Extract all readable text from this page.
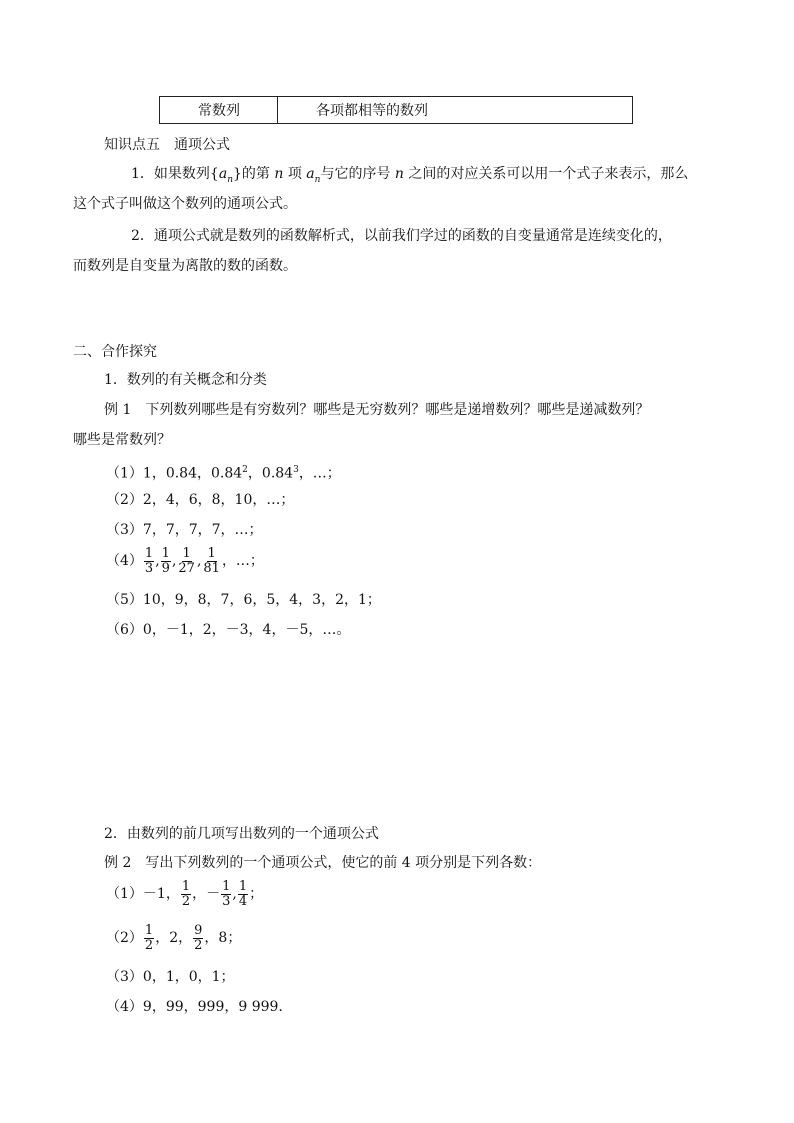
常数列	各项都相等的数列
知识点五　通项公式
1．如果数列$\{a_n\}$的第 n 项 $a_n$与它的序号 n 之间的对应关系可以用一个式子来表示，那么
这个式子叫做这个数列的通项公式。
2．通项公式就是数列的函数解析式，以前我们学过的函数的自变量通常是连续变化的，
而数列是自变量为离散的数的函数。
二、合作探究
1．数列的有关概念和分类
例 1　下列数列哪些是有穷数列？哪些是无穷数列？哪些是递增数列？哪些是递减数列？
哪些是常数列？
（1）1，0.84，0.84$^2$，0.84$^3$，…；
（2）2，4，6，8，10，…；
（3）7，7，7，7，…；
$(4) \frac{1}{3}$ , $\frac{1}{9}$ , $\frac{1}{27}$ , $\frac{1}{81}$ ，…；
（5）10，9，8，7，6，5，4，3，2，1；
（6）0，－1，2，－3，4，－5，…。
2．由数列的前几项写出数列的一个通项公式
例 2　写出下列数列的一个通项公式，使它的前 4 项分别是下列各数：
（1）－1， $\frac{1}{2}$ ，－ $\frac{1}{3}$ , $\frac{1}{4}$ ；
$(2) \frac{1}{2}$ ，2， $\frac{9}{2}$ ，8；
（3）0，1，0，1；
（4）9，99，999，9 999.
